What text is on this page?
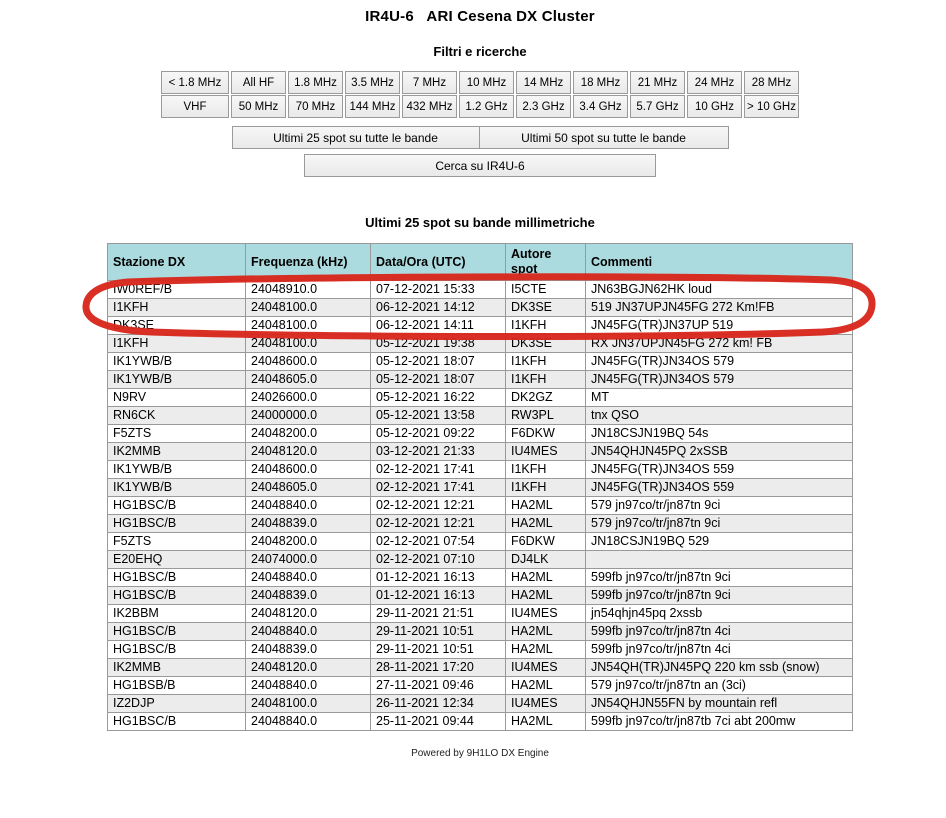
IR4U-6   ARI Cesena DX Cluster
Filtri e ricerche
< 1.8 MHz	All HF	1.8 MHz	3.5 MHz	7 MHz	10 MHz	14 MHz	18 MHz	21 MHz	24 MHz	28 MHz
VHF	50 MHz	70 MHz	144 MHz 432 MHz	1.2 GHz	2.3 GHz	3.4 GHz	5.7 GHz	10 GHz	> 10 GHz
Ultimi 25 spot su tutte le bande	Ultimi 50 spot su tutte le bande
Cerca su IR4U-6
Ultimi 25 spot su bande millimetriche
Stazione DX	Frequenza (kHz)	Data/Ora (UTC)	Autore spot	Commenti
IW0REF/B	24048910.0	07-12-2021 15:33	I5CTE	JN63BGJN62HK loud
I1KFH	24048100.0	06-12-2021 14:12	DK3SE	519 JN37UPJN45FG 272 Km!FB
DK3SE	24048100.0	06-12-2021 14:11	I1KFH	JN45FG(TR)JN37UP 519
I1KFH	24048100.0	05-12-2021 19:38	DK3SE	RX JN37UPJN45FG 272 km! FB
IK1YWB/B	24048600.0	05-12-2021 18:07	I1KFH	JN45FG(TR)JN34OS 579
IK1YWB/B	24048605.0	05-12-2021 18:07	I1KFH	JN45FG(TR)JN34OS 579
N9RV	24026600.0	05-12-2021 16:22	DK2GZ	MT
RN6CK	24000000.0	05-12-2021 13:58	RW3PL	tnx QSO
F5ZTS	24048200.0	05-12-2021 09:22	F6DKW	JN18CSJN19BQ 54s
IK2MMB	24048120.0	03-12-2021 21:33	IU4MES	JN54QHJN45PQ 2xSSB
IK1YWB/B	24048600.0	02-12-2021 17:41	I1KFH	JN45FG(TR)JN34OS 559
IK1YWB/B	24048605.0	02-12-2021 17:41	I1KFH	JN45FG(TR)JN34OS 559
HG1BSC/B	24048840.0	02-12-2021 12:21	HA2ML	579 jn97co/tr/jn87tn 9ci
HG1BSC/B	24048839.0	02-12-2021 12:21	HA2ML	579 jn97co/tr/jn87tn 9ci
F5ZTS	24048200.0	02-12-2021 07:54	F6DKW	JN18CSJN19BQ 529
E20EHQ	24074000.0	02-12-2021 07:10	DJ4LK	
HG1BSC/B	24048840.0	01-12-2021 16:13	HA2ML	599fb jn97co/tr/jn87tn 9ci
HG1BSC/B	24048839.0	01-12-2021 16:13	HA2ML	599fb jn97co/tr/jn87tn 9ci
IK2BBM	24048120.0	29-11-2021 21:51	IU4MES	jn54qhjn45pq 2xssb
HG1BSC/B	24048840.0	29-11-2021 10:51	HA2ML	599fb jn97co/tr/jn87tn 4ci
HG1BSC/B	24048839.0	29-11-2021 10:51	HA2ML	599fb jn97co/tr/jn87tn 4ci
IK2MMB	24048120.0	28-11-2021 17:20	IU4MES	JN54QH(TR)JN45PQ 220 km ssb (snow)
HG1BSB/B	24048840.0	27-11-2021 09:46	HA2ML	579 jn97co/tr/jn87tn an (3ci)
IZ2DJP	24048100.0	26-11-2021 12:34	IU4MES	JN54QHJN55FN by mountain refl
HG1BSC/B	24048840.0	25-11-2021 09:44	HA2ML	599fb jn97co/tr/jn87tb 7ci abt 200mw
Powered by 9H1LO DX Engine
